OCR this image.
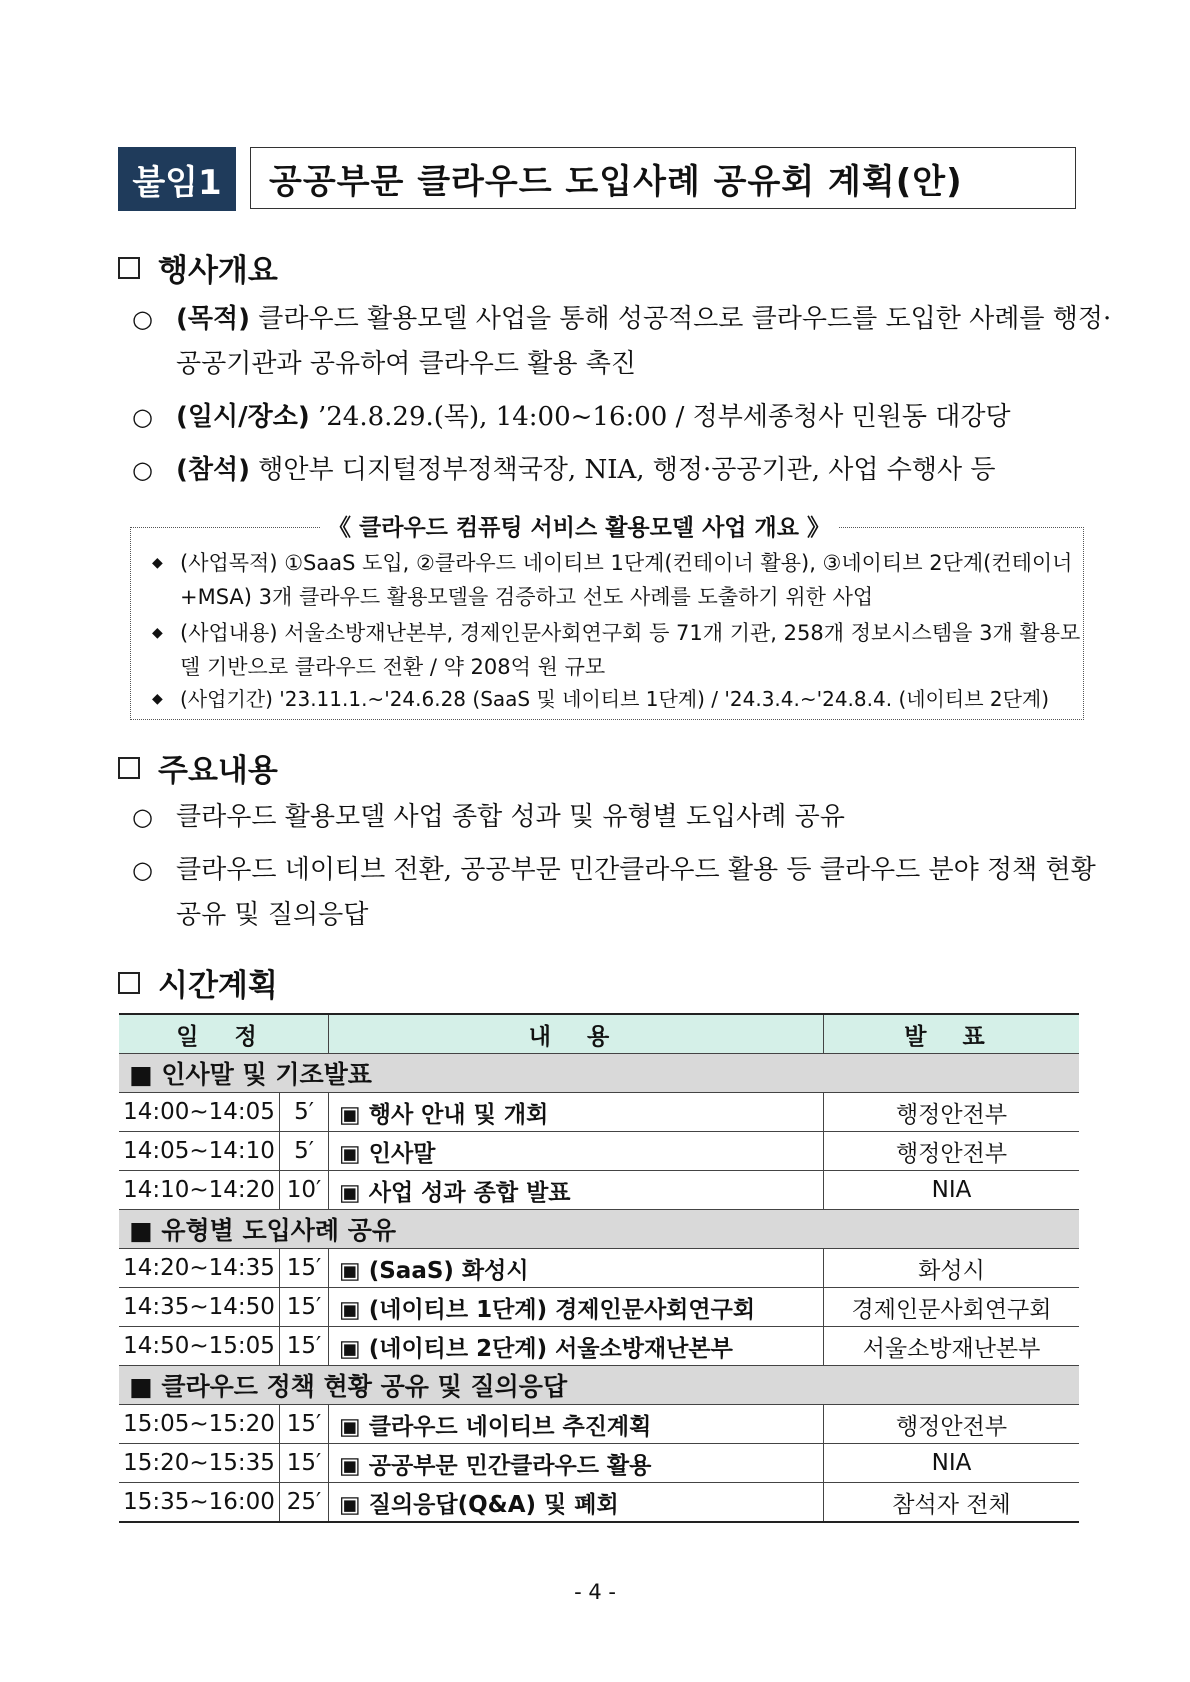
붙임1	공공부문 클라우드 도입사례 공유회 계획(안)
행사개요
○ (목적) 클라우드 활용모델 사업을 통해 성공적으로 클라우드를 도입한 사례를 행정·공공기관과 공유하여 클라우드 활용 촉진
○ (일시/장소) ’24.8.29.(목), 14:00~16:00 / 정부세종청사 민원동 대강당
○ (참석) 행안부 디지털정부정책국장, NIA, 행정·공공기관, 사업 수행사 등
《 클라우드 컴퓨팅 서비스 활용모델 사업 개요 》
◆ (사업목적) ①SaaS 도입, ②클라우드 네이티브 1단계(컨테이너 활용), ③네이티브 2단계(컨테이너+MSA) 3개 클라우드 활용모델을 검증하고 선도 사례를 도출하기 위한 사업
◆ (사업내용) 서울소방재난본부, 경제인문사회연구회 등 71개 기관, 258개 정보시스템을 3개 활용모델 기반으로 클라우드 전환 / 약 208억 원 규모
◆ (사업기간) '23.11.1.~'24.6.28 (SaaS 및 네이티브 1단계) / '24.3.4.~'24.8.4. (네이티브 2단계)
주요내용
○ 클라우드 활용모델 사업 종합 성과 및 유형별 도입사례 공유
○ 클라우드 네이티브 전환, 공공부문 민간클라우드 활용 등 클라우드 분야 정책 현황 공유 및 질의응답
시간계획
일 정		내 용	발 표
■ 인사말 및 기조발표			
14:00~14:05	5′	▣ 행사 안내 및 개회	행정안전부
14:05~14:10	5′	▣ 인사말	행정안전부
14:10~14:20	10′	▣ 사업 성과 종합 발표	NIA
■ 유형별 도입사례 공유			
14:20~14:35	15′	▣ (SaaS) 화성시	화성시
14:35~14:50	15′	▣ (네이티브 1단계) 경제인문사회연구회	경제인문사회연구회
14:50~15:05	15′	▣ (네이티브 2단계) 서울소방재난본부	서울소방재난본부
■ 클라우드 정책 현황 공유 및 질의응답			
15:05~15:20	15′	▣ 클라우드 네이티브 추진계획	행정안전부
15:20~15:35	15′	▣ 공공부문 민간클라우드 활용	NIA
15:35~16:00	25′	▣ 질의응답(Q&A) 및 폐회	참석자 전체
- 4 -
